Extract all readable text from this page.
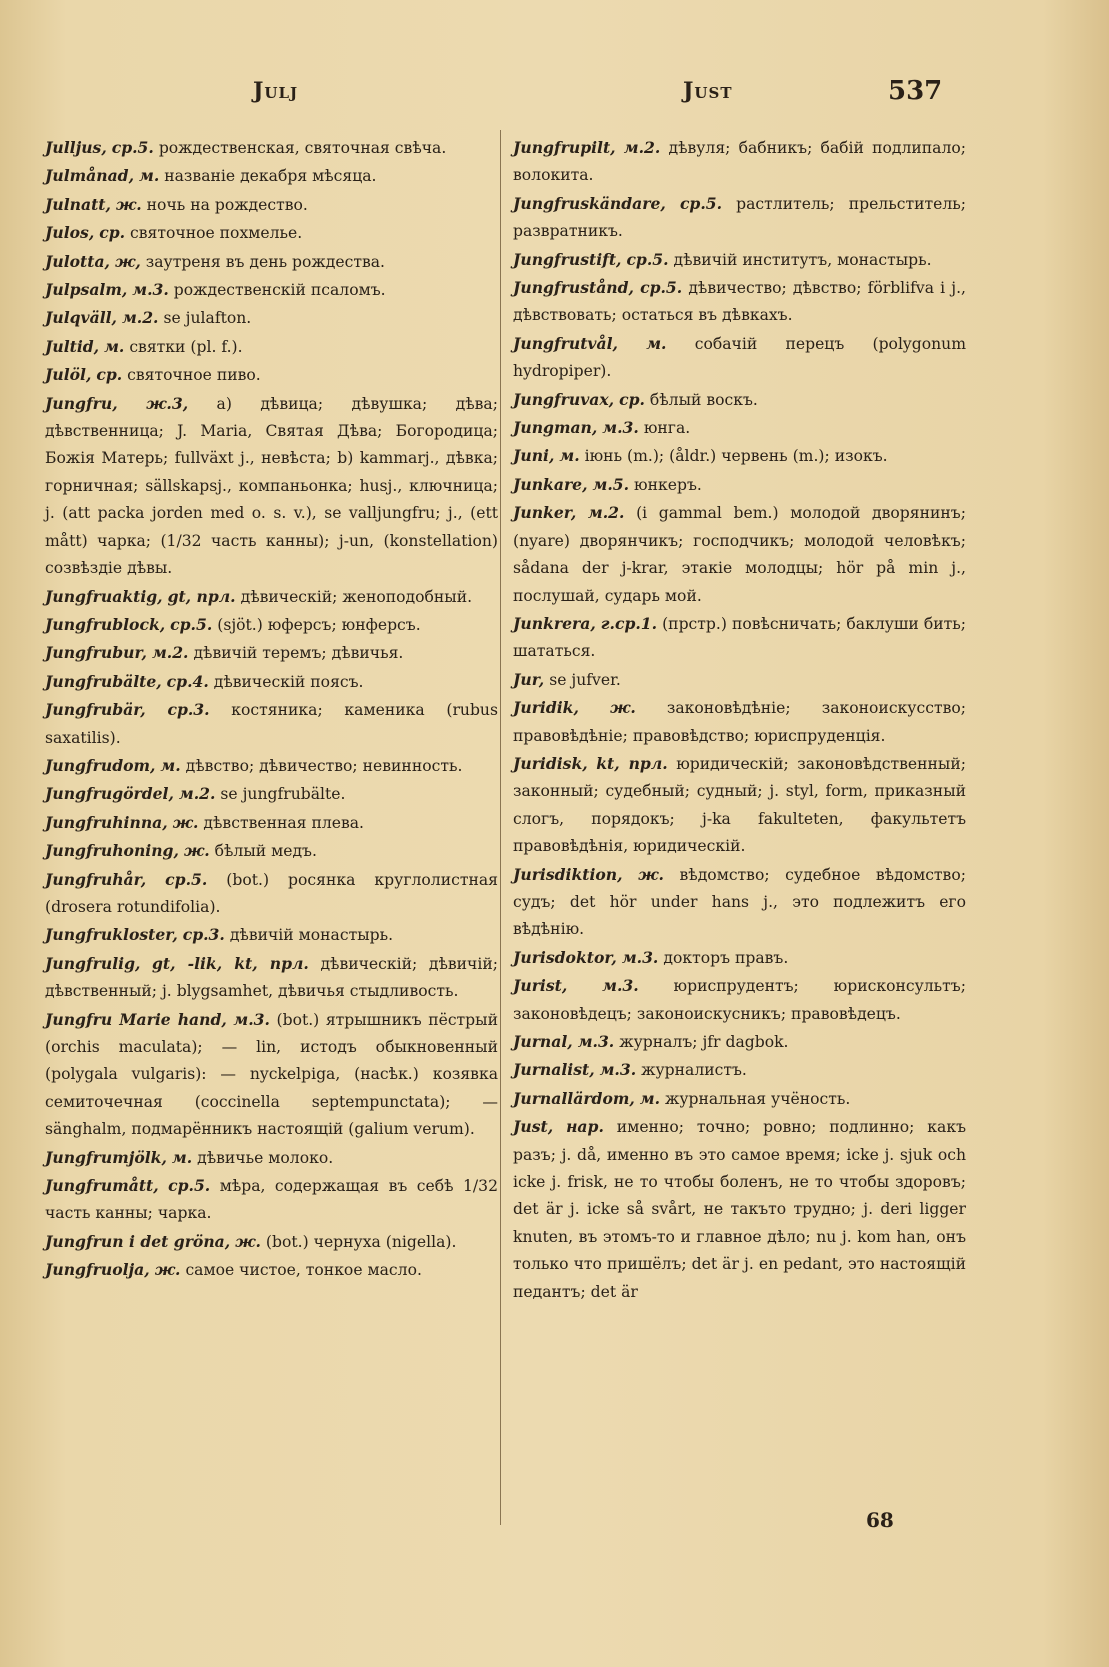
Julj	Just	537

Julljus, ср.5. рождественская, святочная свѣча.

Julmånad, м. названіе декабря мѣсяца.

Julnatt, ж. ночь на рождество.

Julos, ср. святочное похмелье.

Julotta, ж, заутреня въ день рождества.

Julpsalm, м.3. рождественскій псаломъ.

Julqväll, м.2. se julafton.

Jultid, м. святки (pl. f.).

Julöl, ср. святочное пиво.

Jungfru, ж.3, a) дѣвица; дѣвушка; дѣва; дѣвственница; J. Maria, Святая Дѣва; Богородица; Божія Матерь; fullväxt j., невѣста; b) kammarj., дѣвка; горничная; sällskapsj., компаньонка; husj., ключница; j. (att packa jorden med o. s. v.), se valljungfru; j., (ett mått) чарка; (1/32 часть канны); j-un, (konstellation) созвѣздіе дѣвы.

Jungfruaktig, gt, прл. дѣвическій; женоподобный.

Jungfrublock, ср.5. (sjöt.) юферсъ; юнферсъ.

Jungfrubur, м.2. дѣвичій теремъ; дѣвичья.

Jungfrubälte, ср.4. дѣвическій поясъ.

Jungfrubär, ср.3. костяника; каменика (rubus saxatilis).

Jungfrudom, м. дѣвство; дѣвичество; невинность.

Jungfrugördel, м.2. se jungfrubälte.

Jungfruhinna, ж. дѣвственная плева.

Jungfruhoning, ж. бѣлый медъ.

Jungfruhår, ср.5. (bot.) росянка круглолистная (drosera rotundifolia).

Jungfrukloster, ср.3. дѣвичій монастырь.

Jungfrulig, gt, -lik, kt, прл. дѣвическій; дѣвичій; дѣвственный; j. blygsamhet, дѣвичья стыдливость.

Jungfru Marie hand, м.3. (bot.) ятрышникъ пёстрый (orchis maculata); — lin, истодъ обыкновенный (polygala vulgaris): — nyckelpiga, (насѣк.) козявка семиточечная (coccinella septempunctata); — sänghalm, подмарённикъ настоящій (galium verum).

Jungfrumjölk, м. дѣвичье молоко.

Jungfrumått, ср.5. мѣра, содержащая въ себѣ 1/32 часть канны; чарка.

Jungfrun i det gröna, ж. (bot.) чернуха (nigella).

Jungfruolja, ж. самое чистое, тонкое масло.

Jungfrupilt, м.2. дѣвуля; бабникъ; бабій подлипало; волокита.

Jungfruskändare, ср.5. растлитель; прельститель; развратникъ.

Jungfrustift, ср.5. дѣвичій институтъ, монастырь.

Jungfrustånd, ср.5. дѣвичество; дѣвство; förblifva i j., дѣвствовать; остаться въ дѣвкахъ.

Jungfrutvål, м. собачій перецъ (polygonum hydropiper).

Jungfruvax, ср. бѣлый воскъ.

Jungman, м.3. юнга.

Juni, м. іюнь (m.); (åldr.) червень (m.); изокъ.

Junkare, м.5. юнкеръ.

Junker, м.2. (i gammal bem.) молодой дворянинъ; (nyare) дворянчикъ; господчикъ; молодой человѣкъ; sådana der j-krar, этакіе молодцы; hör på min j., послушай, сударь мой.

Junkrera, г.ср.1. (прстр.) повѣсничать; баклуши бить; шататься.

Jur, se jufver.

Juridik, ж. законовѣдѣніе; законоискусство; правовѣдѣніе; правовѣдство; юриспруденція.

Juridisk, kt, прл. юридическій; законовѣдственный; законный; судебный; судный; j. styl, form, приказный слогъ, порядокъ; j-ka fakulteten, факультетъ правовѣдѣнія, юридическій.

Jurisdiktion, ж. вѣдомство; судебное вѣдомство; судъ; det hör under hans j., это подлежитъ его вѣдѣнію.

Jurisdoktor, м.3. докторъ правъ.

Jurist, м.3. юриспрудентъ; юрисконсультъ; законовѣдецъ; законоискусникъ; правовѣдецъ.

Jurnal, м.3. журналъ; jfr dagbok.

Jurnalist, м.3. журналистъ.

Jurnallärdom, м. журнальная учёность.

Just, нар. именно; точно; ровно; подлинно; какъ разъ; j. då, именно въ это самое время; icke j. sjuk och icke j. frisk, не то чтобы боленъ, не то чтобы здоровъ; det är j. icke så svårt, не такъто трудно; j. deri ligger knuten, въ этомъ-то и главное дѣло; nu j. kom han, онъ только что пришёлъ; det är j. en pedant, это настоящій педантъ; det är

68
